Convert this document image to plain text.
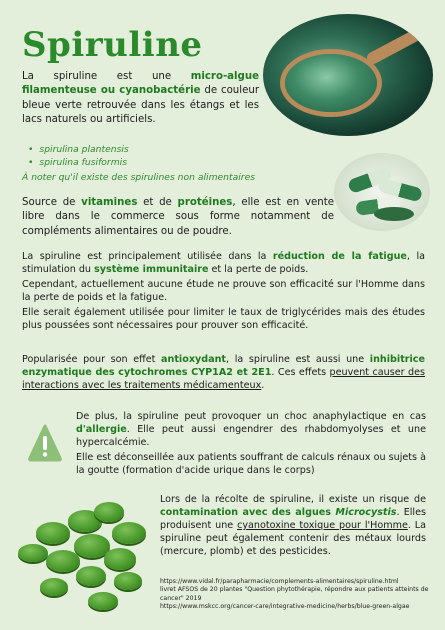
Spiruline

La spiruline est une micro-algue filamenteuse ou cyanobactérie de couleur bleue verte retrouvée dans les étangs et les lacs naturels ou artificiels.

• spirulina plantensis
• spirulina fusiformis

À noter qu'il existe des spirulines non alimentaires

Source de vitamines et de protéines, elle est en vente libre dans le commerce sous forme notamment de compléments alimentaires ou de poudre.

La spiruline est principalement utilisée dans la réduction de la fatigue, la stimulation du système immunitaire et la perte de poids.

Cependant, actuellement aucune étude ne prouve son efficacité sur l'Homme dans la perte de poids et la fatigue.

Elle serait également utilisée pour limiter le taux de triglycérides mais des études plus poussées sont nécessaires pour prouver son efficacité.

Popularisée pour son effet antioxydant, la spiruline est aussi une inhibitrice enzymatique des cytochromes CYP1A2 et 2E1. Ces effets peuvent causer des interactions avec les traitements médicamenteux.

De plus, la spiruline peut provoquer un choc anaphylactique en cas d'allergie. Elle peut aussi engendrer des rhabdomyolyses et une hypercalcémie.

Elle est déconseillée aux patients souffrant de calculs rénaux ou sujets à la goutte (formation d'acide urique dans le corps)

Lors de la récolte de spiruline, il existe un risque de contamination avec des algues Microcystis. Elles produisent une cyanotoxine toxique pour l'Homme. La spiruline peut également contenir des métaux lourds (mercure, plomb) et des pesticides.

https://www.vidal.fr/parapharmacie/complements-alimentaires/spiruline.html
livret AFSOS de 20 plantes "Question phytothérapie, répondre aux patients atteints de cancer" 2019
https://www.mskcc.org/cancer-care/integrative-medicine/herbs/blue-green-algae
